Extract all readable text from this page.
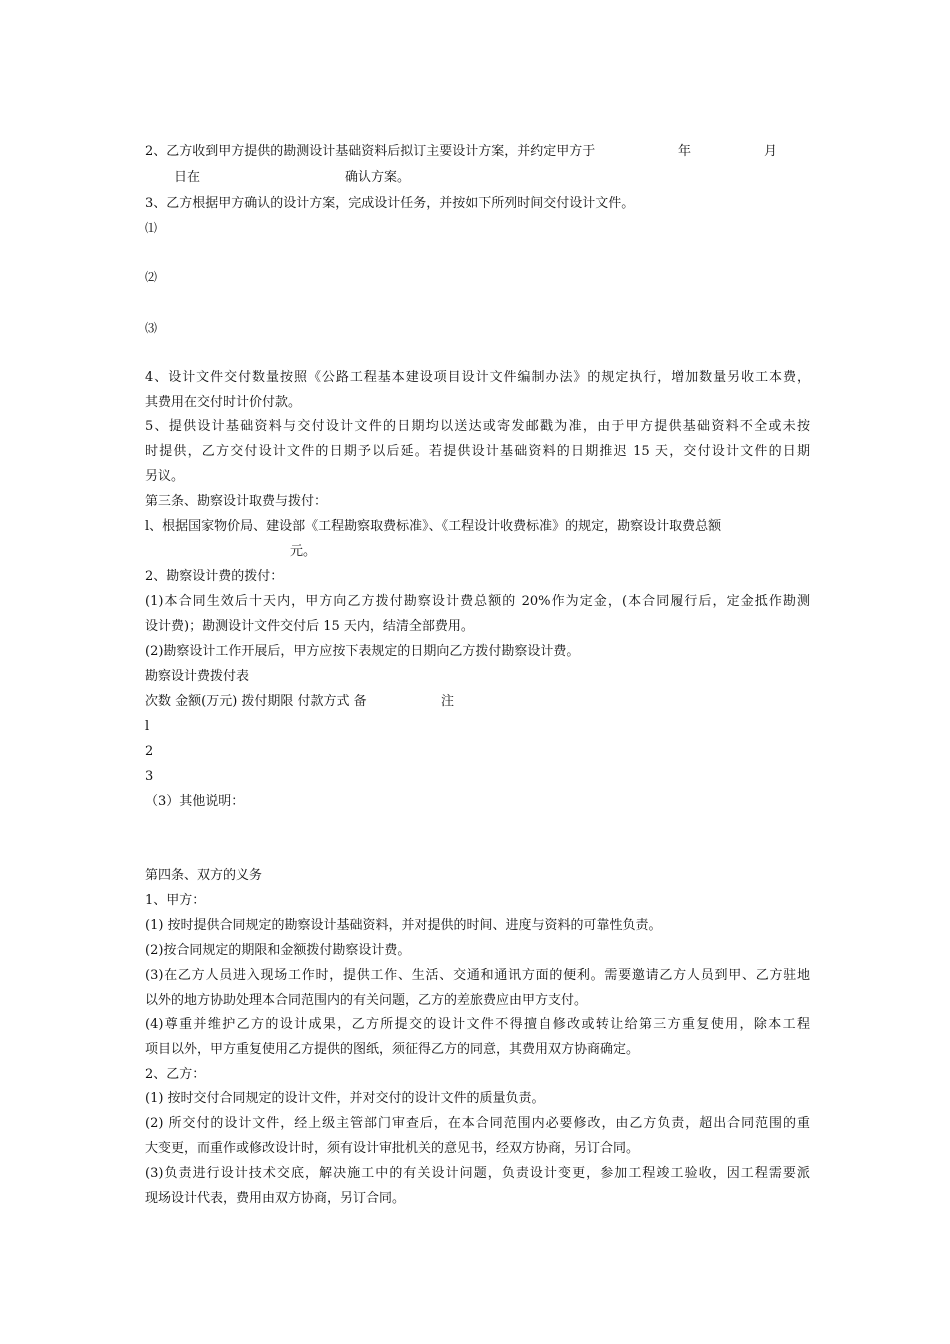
2、乙方收到甲方提供的勘测设计基础资料后拟订主要设计方案，并约定甲方于	年	月
日在	确认方案。
3、乙方根据甲方确认的设计方案，完成设计任务，并按如下所列时间交付设计文件。
⑴
⑵
⑶
4、设计文件交付数量按照《公路工程基本建设项目设计文件编制办法》的规定执行，增加数量另收工本费，
其费用在交付时计价付款。
5、提供设计基础资料与交付设计文件的日期均以送达或寄发邮戳为准，由于甲方提供基础资料不全或未按
时提供，乙方交付设计文件的日期予以后延。若提供设计基础资料的日期推迟 15 天，交付设计文件的日期
另议。
第三条、勘察设计取费与拨付：
l、根据国家物价局、建设部《工程勘察取费标准》、《工程设计收费标准》的规定，勘察设计取费总额
元。
2、勘察设计费的拨付：
(1)本合同生效后十天内，甲方向乙方拨付勘察设计费总额的 20%作为定金，(本合同履行后，定金抵作勘测
设计费)；勘测设计文件交付后 15 天内，结清全部费用。
(2)勘察设计工作开展后，甲方应按下表规定的日期向乙方拨付勘察设计费。
勘察设计费拨付表
次数 金额(万元) 拨付期限 付款方式 备	注
l
2
3
（3）其他说明：
第四条、双方的义务
1、甲方：
(1) 按时提供合同规定的勘察设计基础资料，并对提供的时间、进度与资料的可靠性负责。
(2)按合同规定的期限和金额拨付勘察设计费。
(3)在乙方人员进入现场工作时，提供工作、生活、交通和通讯方面的便利。需要邀请乙方人员到甲、乙方驻地
以外的地方协助处理本合同范围内的有关问题，乙方的差旅费应由甲方支付。
(4)尊重并维护乙方的设计成果，乙方所提交的设计文件不得擅自修改或转让给第三方重复使用，除本工程
项目以外，甲方重复使用乙方提供的图纸，须征得乙方的同意，其费用双方协商确定。
2、乙方：
(1) 按时交付合同规定的设计文件，并对交付的设计文件的质量负责。
(2) 所交付的设计文件，经上级主管部门审查后，在本合同范围内必要修改，由乙方负责，超出合同范围的重
大变更，而重作或修改设计时，须有设计审批机关的意见书，经双方协商，另订合同。
(3)负责进行设计技术交底，解决施工中的有关设计问题，负责设计变更，参加工程竣工验收，因工程需要派
现场设计代表，费用由双方协商，另订合同。
